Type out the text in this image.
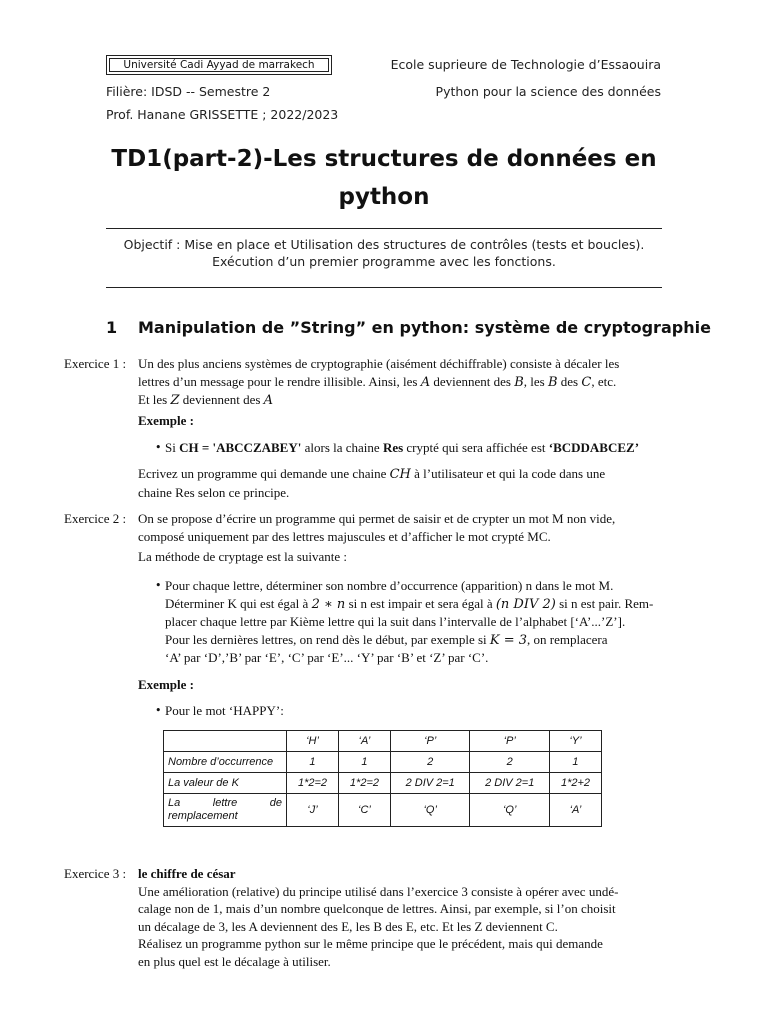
Université Cadi Ayyad de marrakech	Ecole suprieure de Technologie d’Essaouira
Filière: IDSD -- Semestre 2	Python pour la science des données
Prof. Hanane GRISSETTE ; 2022/2023
TD1(part-2)-Les structures de données en
python
Objectif : Mise en place et Utilisation des structures de contrôles (tests et boucles).
Exécution d’un premier programme avec les fonctions.
1 Manipulation de ”String” en python: système de cryptographie
Exercice 1 : Un des plus anciens systèmes de cryptographie (aisément déchiffrable) consiste à décaler les
lettres d’un message pour le rendre illisible. Ainsi, les A deviennent des B, les B des C, etc.
Et les Z deviennent des A
Exemple :
• Si CH = 'ABCCZABEY' alors la chaine Res crypté qui sera affichée est ‘BCDDABCEZ’
Ecrivez un programme qui demande une chaine CH à l’utilisateur et qui la code dans une
chaine Res selon ce principe.
Exercice 2 : On se propose d’écrire un programme qui permet de saisir et de crypter un mot M non vide,
composé uniquement par des lettres majuscules et d’afficher le mot crypté MC.
La méthode de cryptage est la suivante :
• Pour chaque lettre, déterminer son nombre d’occurrence (apparition) n dans le mot M.
Déterminer K qui est égal à 2 ∗ n si n est impair et sera égal à (n DIV 2) si n est pair. Rem-
placer chaque lettre par Kième lettre qui la suit dans l’intervalle de l’alphabet [‘A’...’Z’].
Pour les dernières lettres, on rend dès le début, par exemple si K = 3, on remplacera
‘A’ par ‘D’,’B’ par ‘E’, ‘C’ par ‘E’... ‘Y’ par ‘B’ et ‘Z’ par ‘C’.
Exemple :
• Pour le mot ‘HAPPY’:
	‘H’	‘A’	‘P’	‘P’	‘Y’
Nombre d’occurrence	1	1	2	2	1
La valeur de K	1*2=2	1*2=2	2 DIV 2=1	2 DIV 2=1	1*2+2

La lettre de
remplacement	‘J’	‘C’	‘Q’	‘Q’	‘A’
Exercice 3 : le chiffre de césar
Une amélioration (relative) du principe utilisé dans l’exercice 3 consiste à opérer avec undé-
calage non de 1, mais d’un nombre quelconque de lettres. Ainsi, par exemple, si l’on choisit
un décalage de 3, les A deviennent des E, les B des E, etc. Et les Z deviennent C.
Réalisez un programme python sur le même principe que le précédent, mais qui demande
en plus quel est le décalage à utiliser.
